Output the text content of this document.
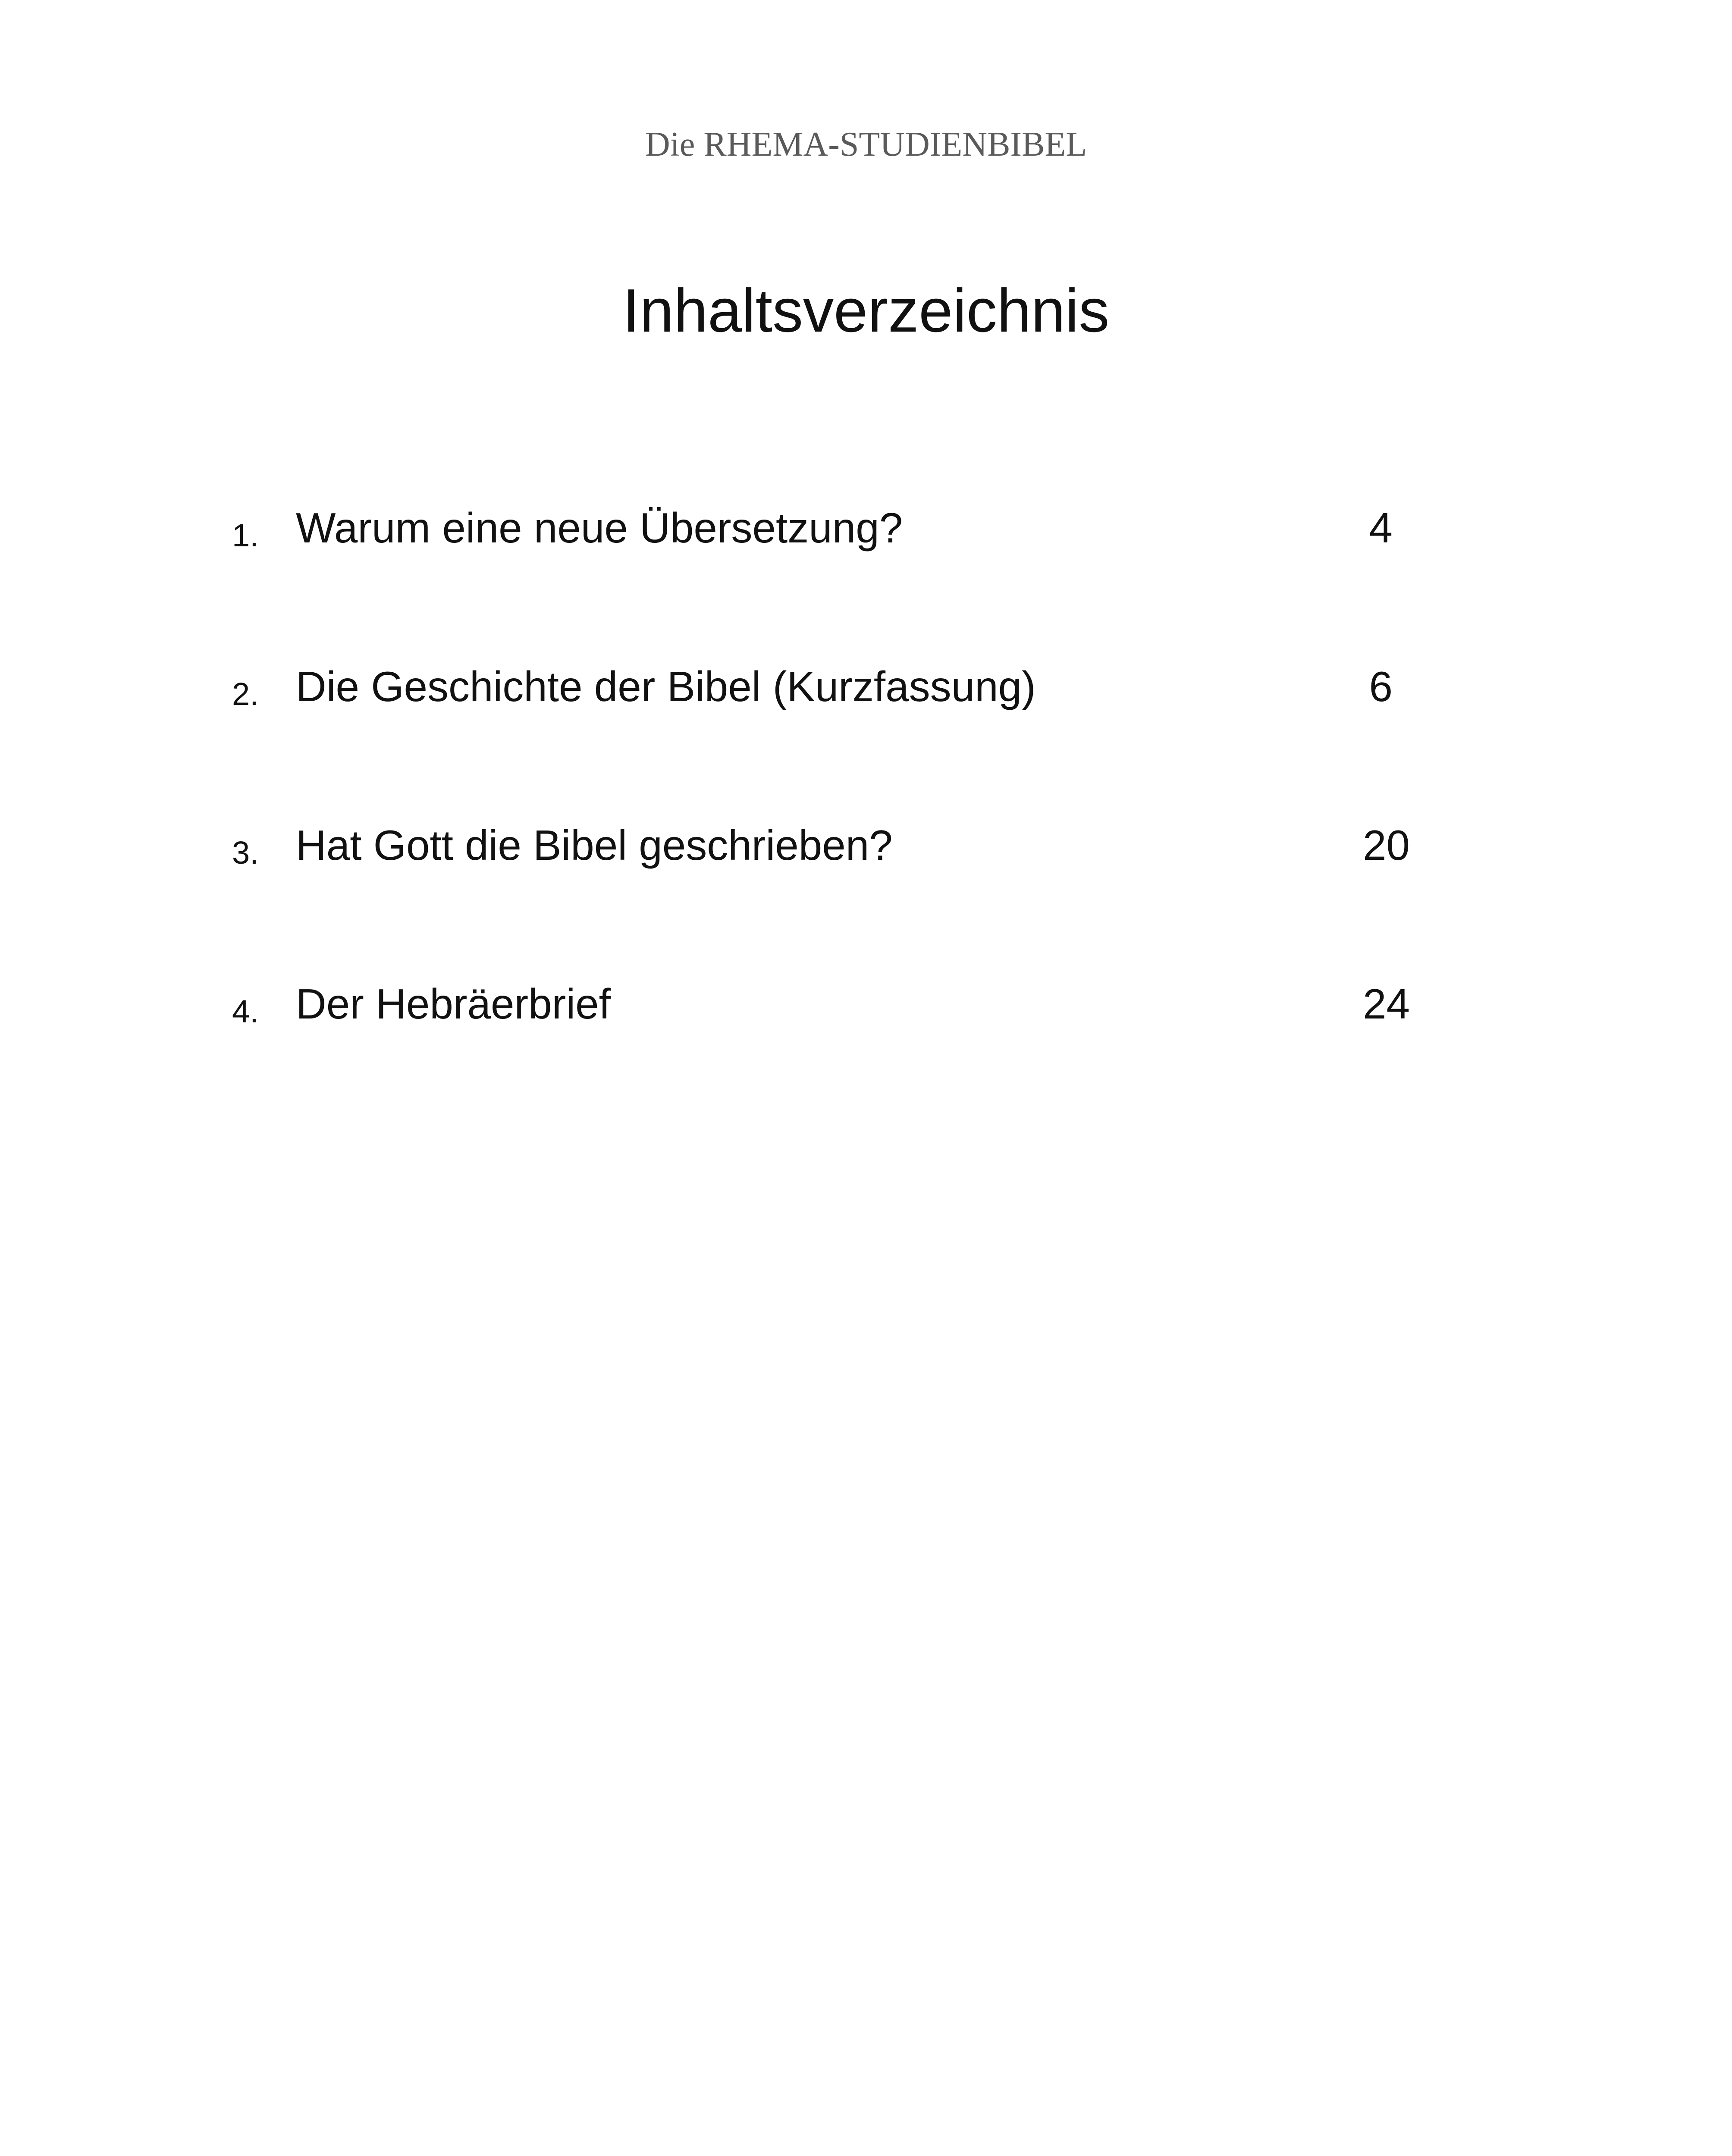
Die RHEMA-STUDIENBIBEL
Inhaltsverzeichnis
1. Warum eine neue Übersetzung?	4
2. Die Geschichte der Bibel (Kurzfassung)	6
3. Hat Gott die Bibel geschrieben?	20
4. Der Hebräerbrief	24
